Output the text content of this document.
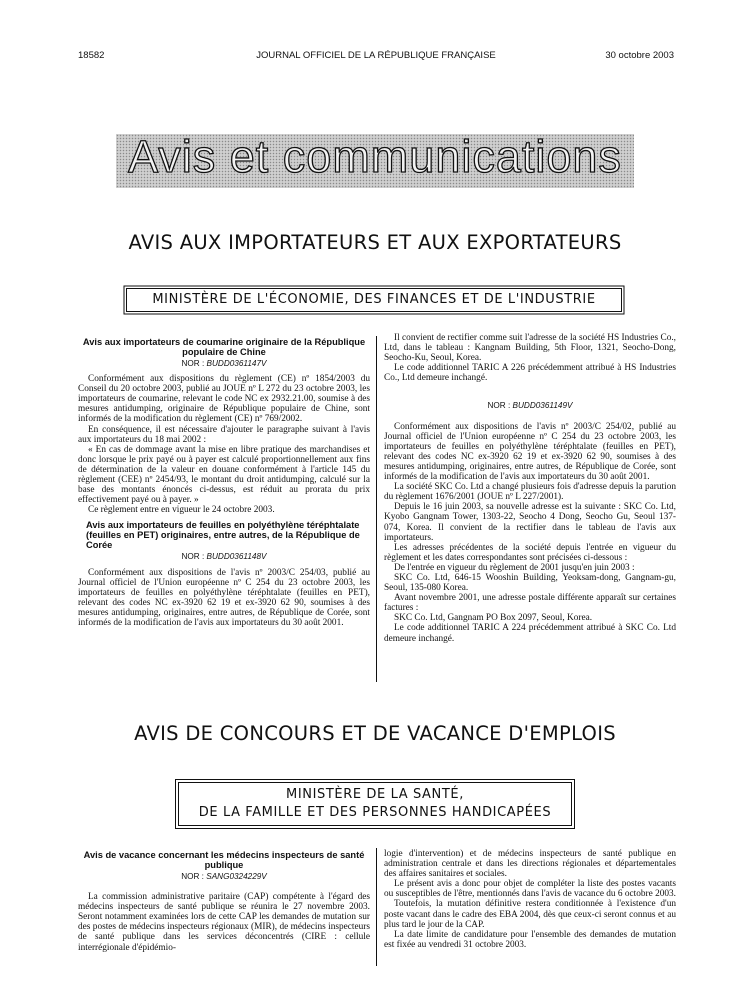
18582	JOURNAL OFFICIEL DE LA RÉPUBLIQUE FRANÇAISE	30 octobre 2003
Avis et communications
AVIS AUX IMPORTATEURS ET AUX EXPORTATEURS
MINISTÈRE DE L'ÉCONOMIE, DES FINANCES ET DE L'INDUSTRIE
Avis aux importateurs de coumarine originaire de la République populaire de Chine
NOR : BUDD0361147V

Conformément aux dispositions du règlement (CE) nº 1854/2003 du Conseil du 20 octobre 2003, publié au JOUE nº L 272 du 23 octobre 2003, les importateurs de coumarine, relevant le code NC ex 2932.21.00, soumise à des mesures antidumping, originaire de République populaire de Chine, sont informés de la modification du règlement (CE) nº 769/2002.

En conséquence, il est nécessaire d'ajouter le paragraphe suivant à l'avis aux importateurs du 18 mai 2002 :

« En cas de dommage avant la mise en libre pratique des marchandises et donc lorsque le prix payé ou à payer est calculé proportionnellement aux fins de détermination de la valeur en douane conformément à l'article 145 du règlement (CEE) nº 2454/93, le montant du droit antidumping, calculé sur la base des montants énoncés ci-dessus, est réduit au prorata du prix effectivement payé ou à payer. »

Ce règlement entre en vigueur le 24 octobre 2003.

Avis aux importateurs de feuilles en polyéthylène téréphtalate (feuilles en PET) originaires, entre autres, de la République de Corée
NOR : BUDD0361148V

Conformément aux dispositions de l'avis nº 2003/C 254/03, publié au Journal officiel de l'Union européenne nº C 254 du 23 octobre 2003, les importateurs de feuilles en polyéthylène téréphtalate (feuilles en PET), relevant des codes NC ex-3920 62 19 et ex-3920 62 90, soumises à des mesures antidumping, originaires, entre autres, de République de Corée, sont informés de la modification de l'avis aux importateurs du 30 août 2001.

Il convient de rectifier comme suit l'adresse de la société HS Industries Co., Ltd, dans le tableau : Kangnam Building, 5th Floor, 1321, Seocho-Dong, Seocho-Ku, Seoul, Korea.

Le code additionnel TARIC A 226 précédemment attribué à HS Industries Co., Ltd demeure inchangé.

NOR : BUDD0361149V

Conformément aux dispositions de l'avis nº 2003/C 254/02, publié au Journal officiel de l'Union européenne nº C 254 du 23 octobre 2003, les importateurs de feuilles en polyéthylène téréphtalate (feuilles en PET), relevant des codes NC ex-3920 62 19 et ex-3920 62 90, soumises à des mesures antidumping, originaires, entre autres, de République de Corée, sont informés de la modification de l'avis aux importateurs du 30 août 2001.

La société SKC Co. Ltd a changé plusieurs fois d'adresse depuis la parution du règlement 1676/2001 (JOUE nº L 227/2001).

Depuis le 16 juin 2003, sa nouvelle adresse est la suivante : SKC Co. Ltd, Kyobo Gangnam Tower, 1303-22, Seocho 4 Dong, Seocho Gu, Seoul 137-074, Korea. Il convient de la rectifier dans le tableau de l'avis aux importateurs.

Les adresses précédentes de la société depuis l'entrée en vigueur du règlement et les dates correspondantes sont précisées ci-dessous :

De l'entrée en vigueur du règlement de 2001 jusqu'en juin 2003 :

SKC Co. Ltd, 646-15 Wooshin Building, Yeoksam-dong, Gangnam-gu, Seoul, 135-080 Korea.

Avant novembre 2001, une adresse postale différente apparaît sur certaines factures :

SKC Co. Ltd, Gangnam PO Box 2097, Seoul, Korea.

Le code additionnel TARIC A 224 précédemment attribué à SKC Co. Ltd demeure inchangé.

AVIS DE CONCOURS ET DE VACANCE D'EMPLOIS
MINISTÈRE DE LA SANTÉ,
DE LA FAMILLE ET DES PERSONNES HANDICAPÉES
Avis de vacance concernant les médecins inspecteurs de santé publique
NOR : SANG0324229V

La commission administrative paritaire (CAP) compétente à l'égard des médecins inspecteurs de santé publique se réunira le 27 novembre 2003. Seront notamment examinées lors de cette CAP les demandes de mutation sur des postes de médecins inspecteurs régionaux (MIR), de médecins inspecteurs de santé publique dans les services déconcentrés (CIRE : cellule interrégionale d'épidémio-

logie d'intervention) et de médecins inspecteurs de santé publique en administration centrale et dans les directions régionales et départementales des affaires sanitaires et sociales.

Le présent avis a donc pour objet de compléter la liste des postes vacants ou susceptibles de l'être, mentionnés dans l'avis de vacance du 6 octobre 2003.

Toutefois, la mutation définitive restera conditionnée à l'existence d'un poste vacant dans le cadre des EBA 2004, dès que ceux-ci seront connus et au plus tard le jour de la CAP.

La date limite de candidature pour l'ensemble des demandes de mutation est fixée au vendredi 31 octobre 2003.
